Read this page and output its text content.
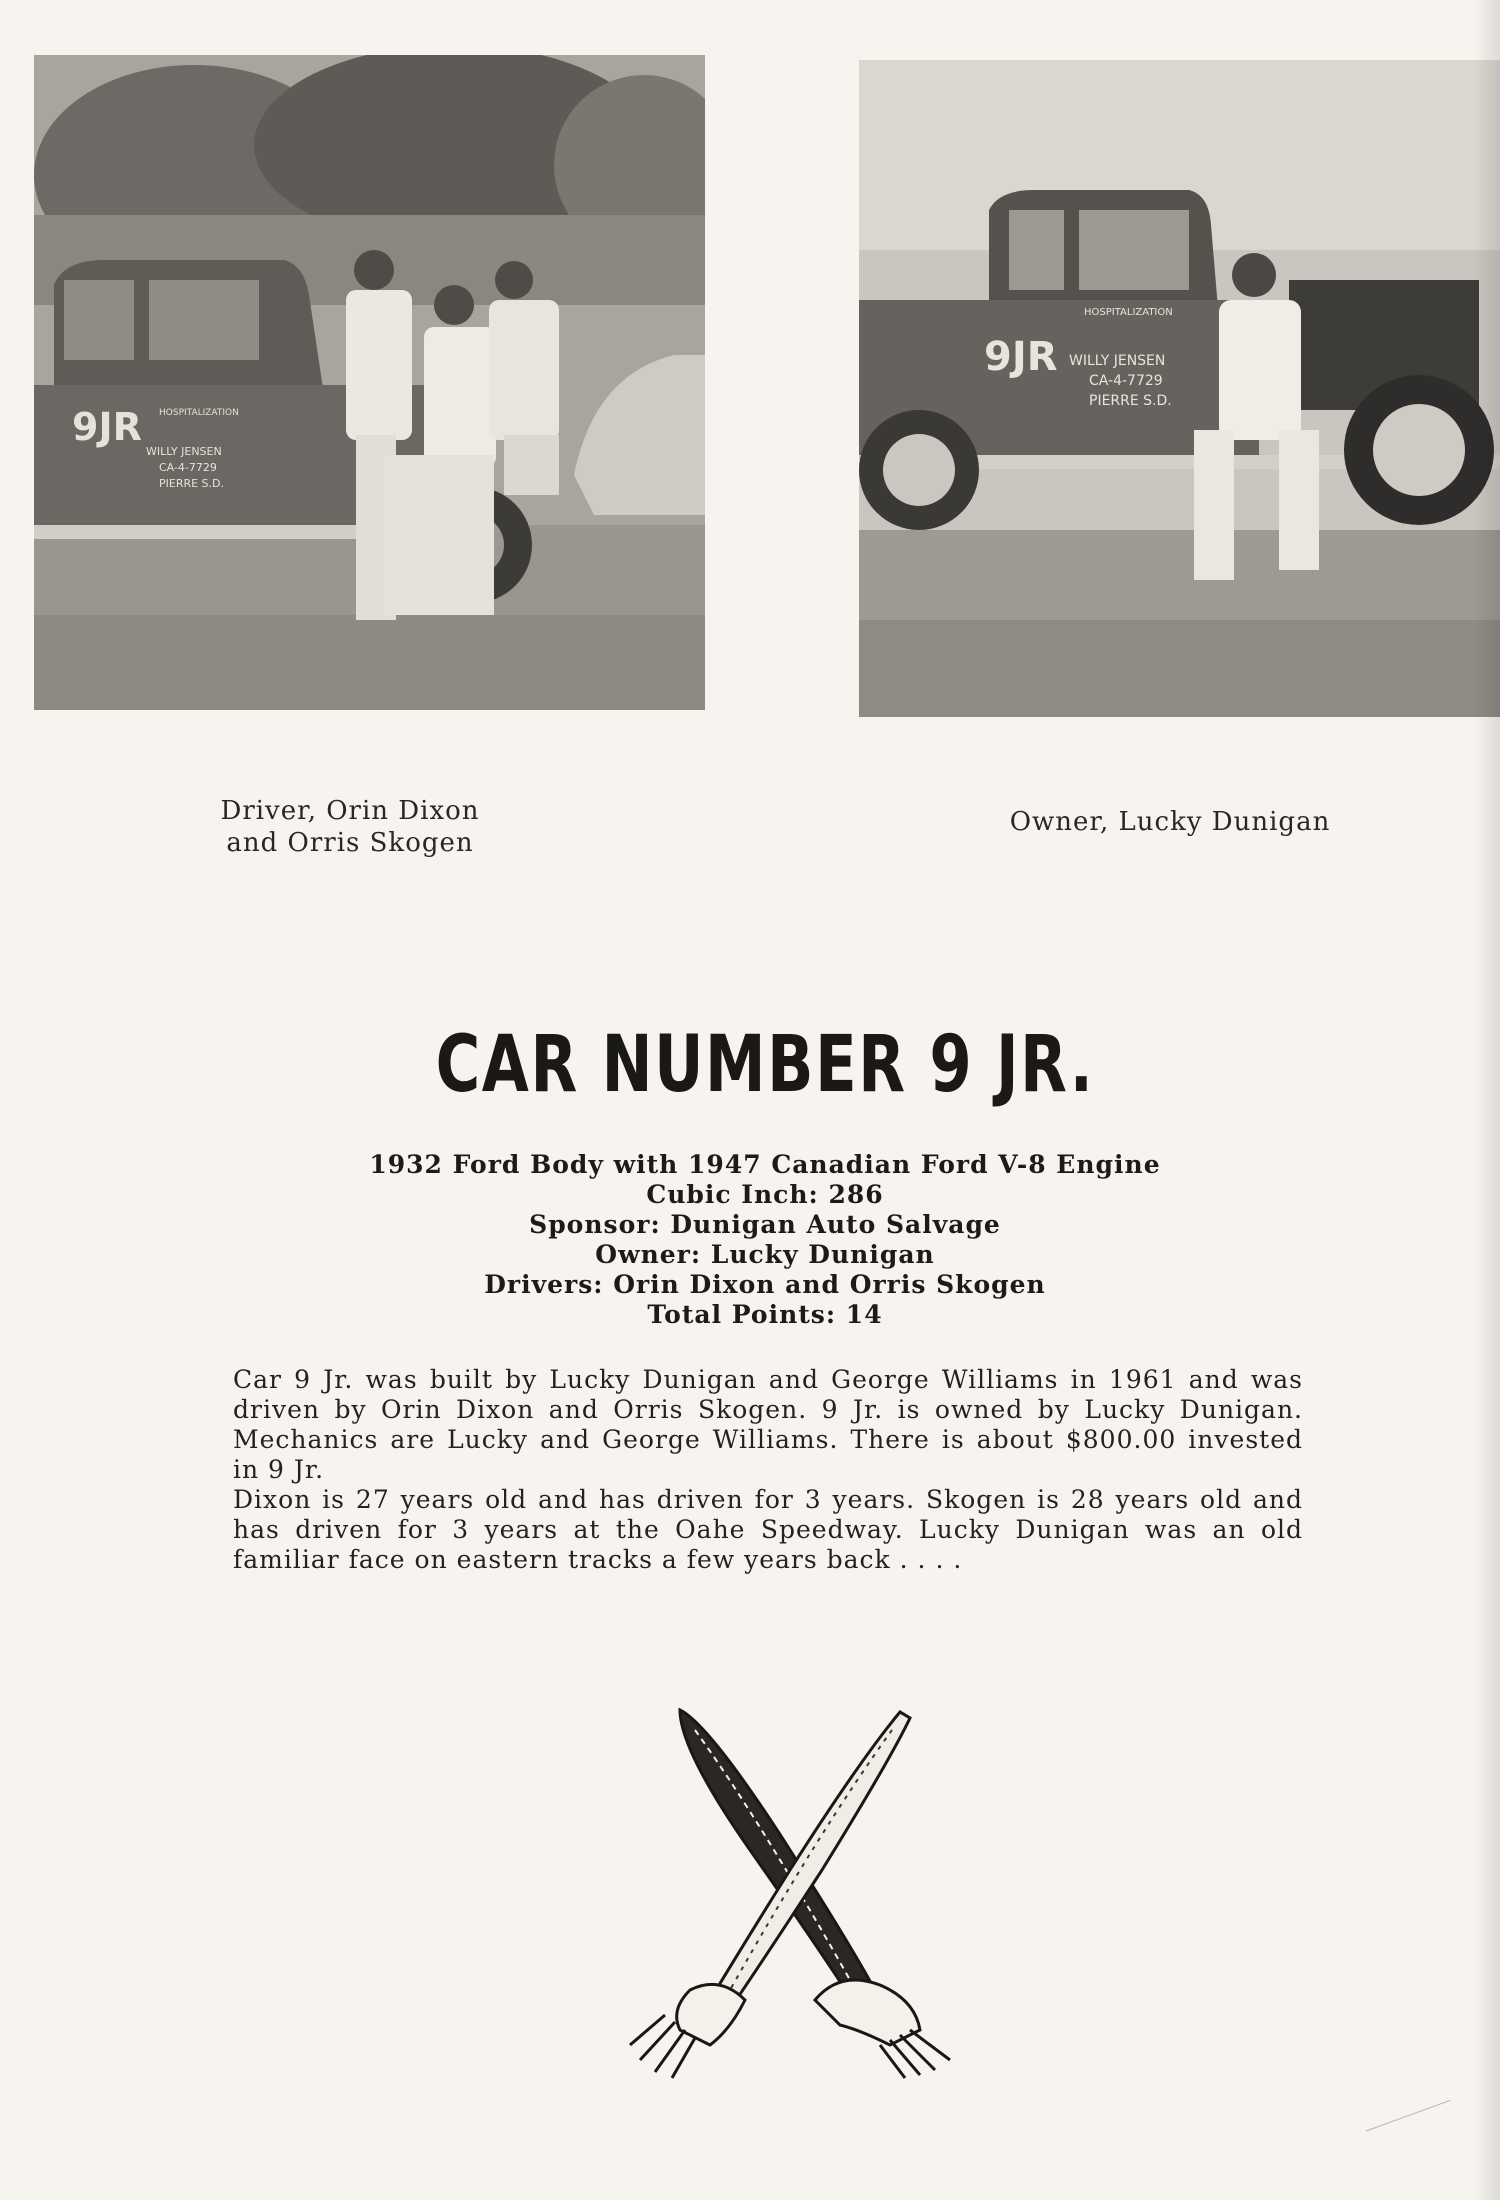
9JR HOSPITALIZATION
WILLY JENSEN
CA-4-7729
PIERRE S.D.
9JR
HOSPITALIZATION
WILLY JENSEN
CA-4-7729
PIERRE S.D.
Driver, Orin Dixon
and Orris Skogen
Owner, Lucky Dunigan
CAR NUMBER 9 JR.
1932 Ford Body with 1947 Canadian Ford V-8 Engine
Cubic Inch: 286
Sponsor: Dunigan Auto Salvage
Owner: Lucky Dunigan
Drivers: Orin Dixon and Orris Skogen
Total Points: 14

Car 9 Jr. was built by Lucky Dunigan and George Williams in 1961 and was driven by Orin Dixon and Orris Skogen. 9 Jr. is owned by Lucky Dunigan. Mechanics are Lucky and George Williams. There is about $800.00 invested in 9 Jr.

Dixon is 27 years old and has driven for 3 years. Skogen is 28 years old and has driven for 3 years at the Oahe Speedway. Lucky Dunigan was an old familiar face on eastern tracks a few years back . . . .
